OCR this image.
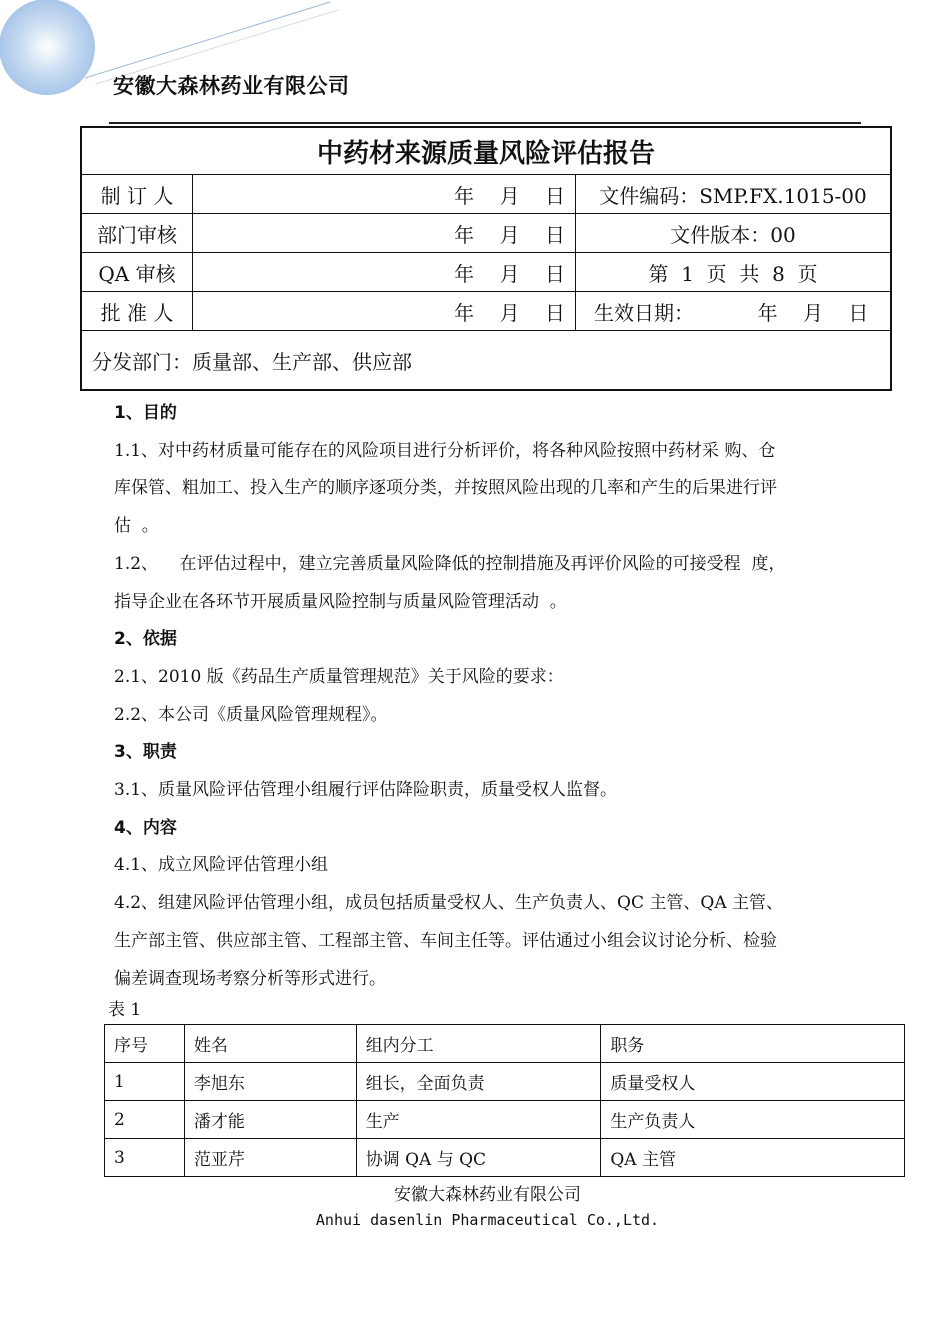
安徽大森林药业有限公司
中药材来源质量风险评估报告		
制 订 人	年    月    日	文件编码：SMP.FX.1015-00
部门审核	年    月    日	文件版本：00
QA 审核	年    月    日	第  1  页  共  8  页
批 准 人	年    月    日	生效日期：          年    月    日
分发部门：质量部、生产部、供应部		

1、目的

1.1、对中药材质量可能存在的风险项目进行分析评价，将各种风险按照中药材采 购、仓

库保管、粗加工、投入生产的顺序逐项分类，并按照风险出现的几率和产生的后果进行评

估  。

1.2、    在评估过程中，建立完善质量风险降低的控制措施及再评价风险的可接受程  度，

指导企业在各环节开展质量风险控制与质量风险管理活动  。

2、依据

2.1、2010 版《药品生产质量管理规范》关于风险的要求：

2.2、本公司《质量风险管理规程》。

3、职责

3.1、质量风险评估管理小组履行评估降险职责，质量受权人监督。

4、内容

4.1、成立风险评估管理小组

4.2、组建风险评估管理小组，成员包括质量受权人、生产负责人、QC 主管、QA 主管、

生产部主管、供应部主管、工程部主管、车间主任等。评估通过小组会议讨论分析、检验

偏差调查现场考察分析等形式进行。

表 1
序号	姓名	组内分工	职务
1	李旭东	组长，全面负责	质量受权人
2	潘才能	生产	生产负责人
3	范亚芹	协调 QA 与 QC	QA 主管
安徽大森林药业有限公司
Anhui dasenlin Pharmaceutical Co.,Ltd.
